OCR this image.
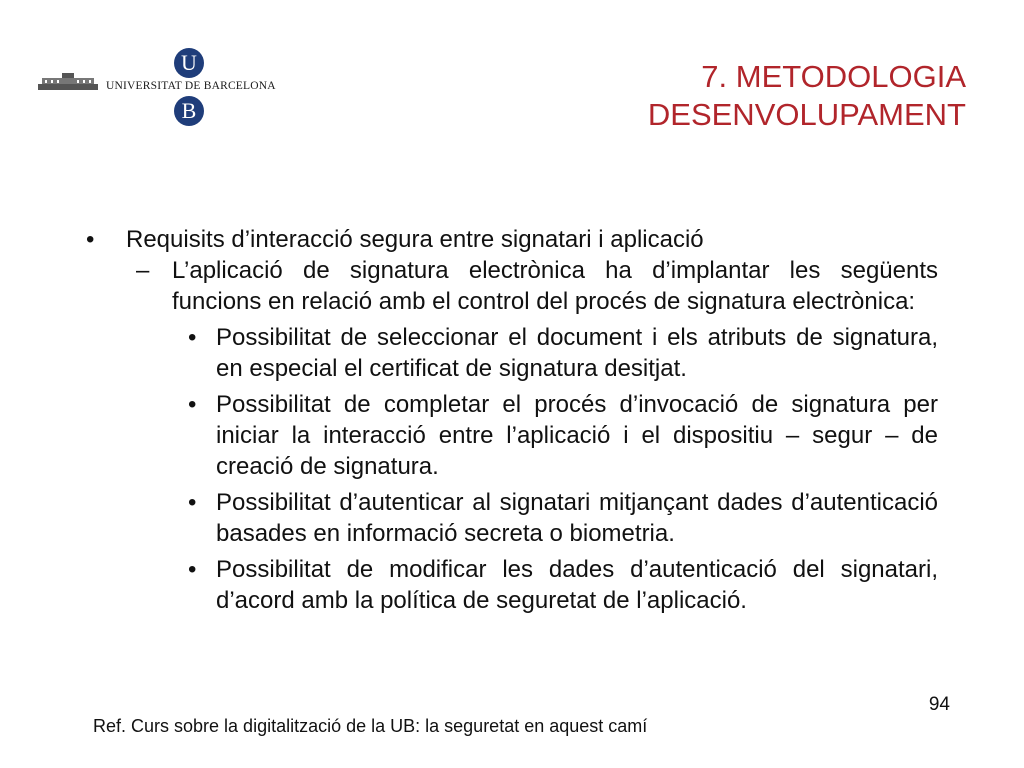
U
UNIVERSITAT DE BARCELONA
B
7. METODOLOGIA
DESENVOLUPAMENT
• Requisits d’interacció segura entre signatari i aplicació
– L’aplicació de signatura electrònica ha d’implantar les següents funcions en relació amb el control del procés de signatura electrònica:
• Possibilitat de seleccionar el document i els atributs de signatura, en especial el certificat de signatura desitjat.
• Possibilitat de completar el procés d’invocació de signatura per iniciar la interacció entre l’aplicació i el dispositiu – segur – de creació de signatura.
• Possibilitat d’autenticar al signatari mitjançant dades d’autenticació basades en informació secreta o biometria.
• Possibilitat de modificar les dades d’autenticació del signatari, d’acord amb la política de seguretat de l’aplicació.
94
Ref. Curs sobre la digitalització de la UB: la seguretat en aquest camí
